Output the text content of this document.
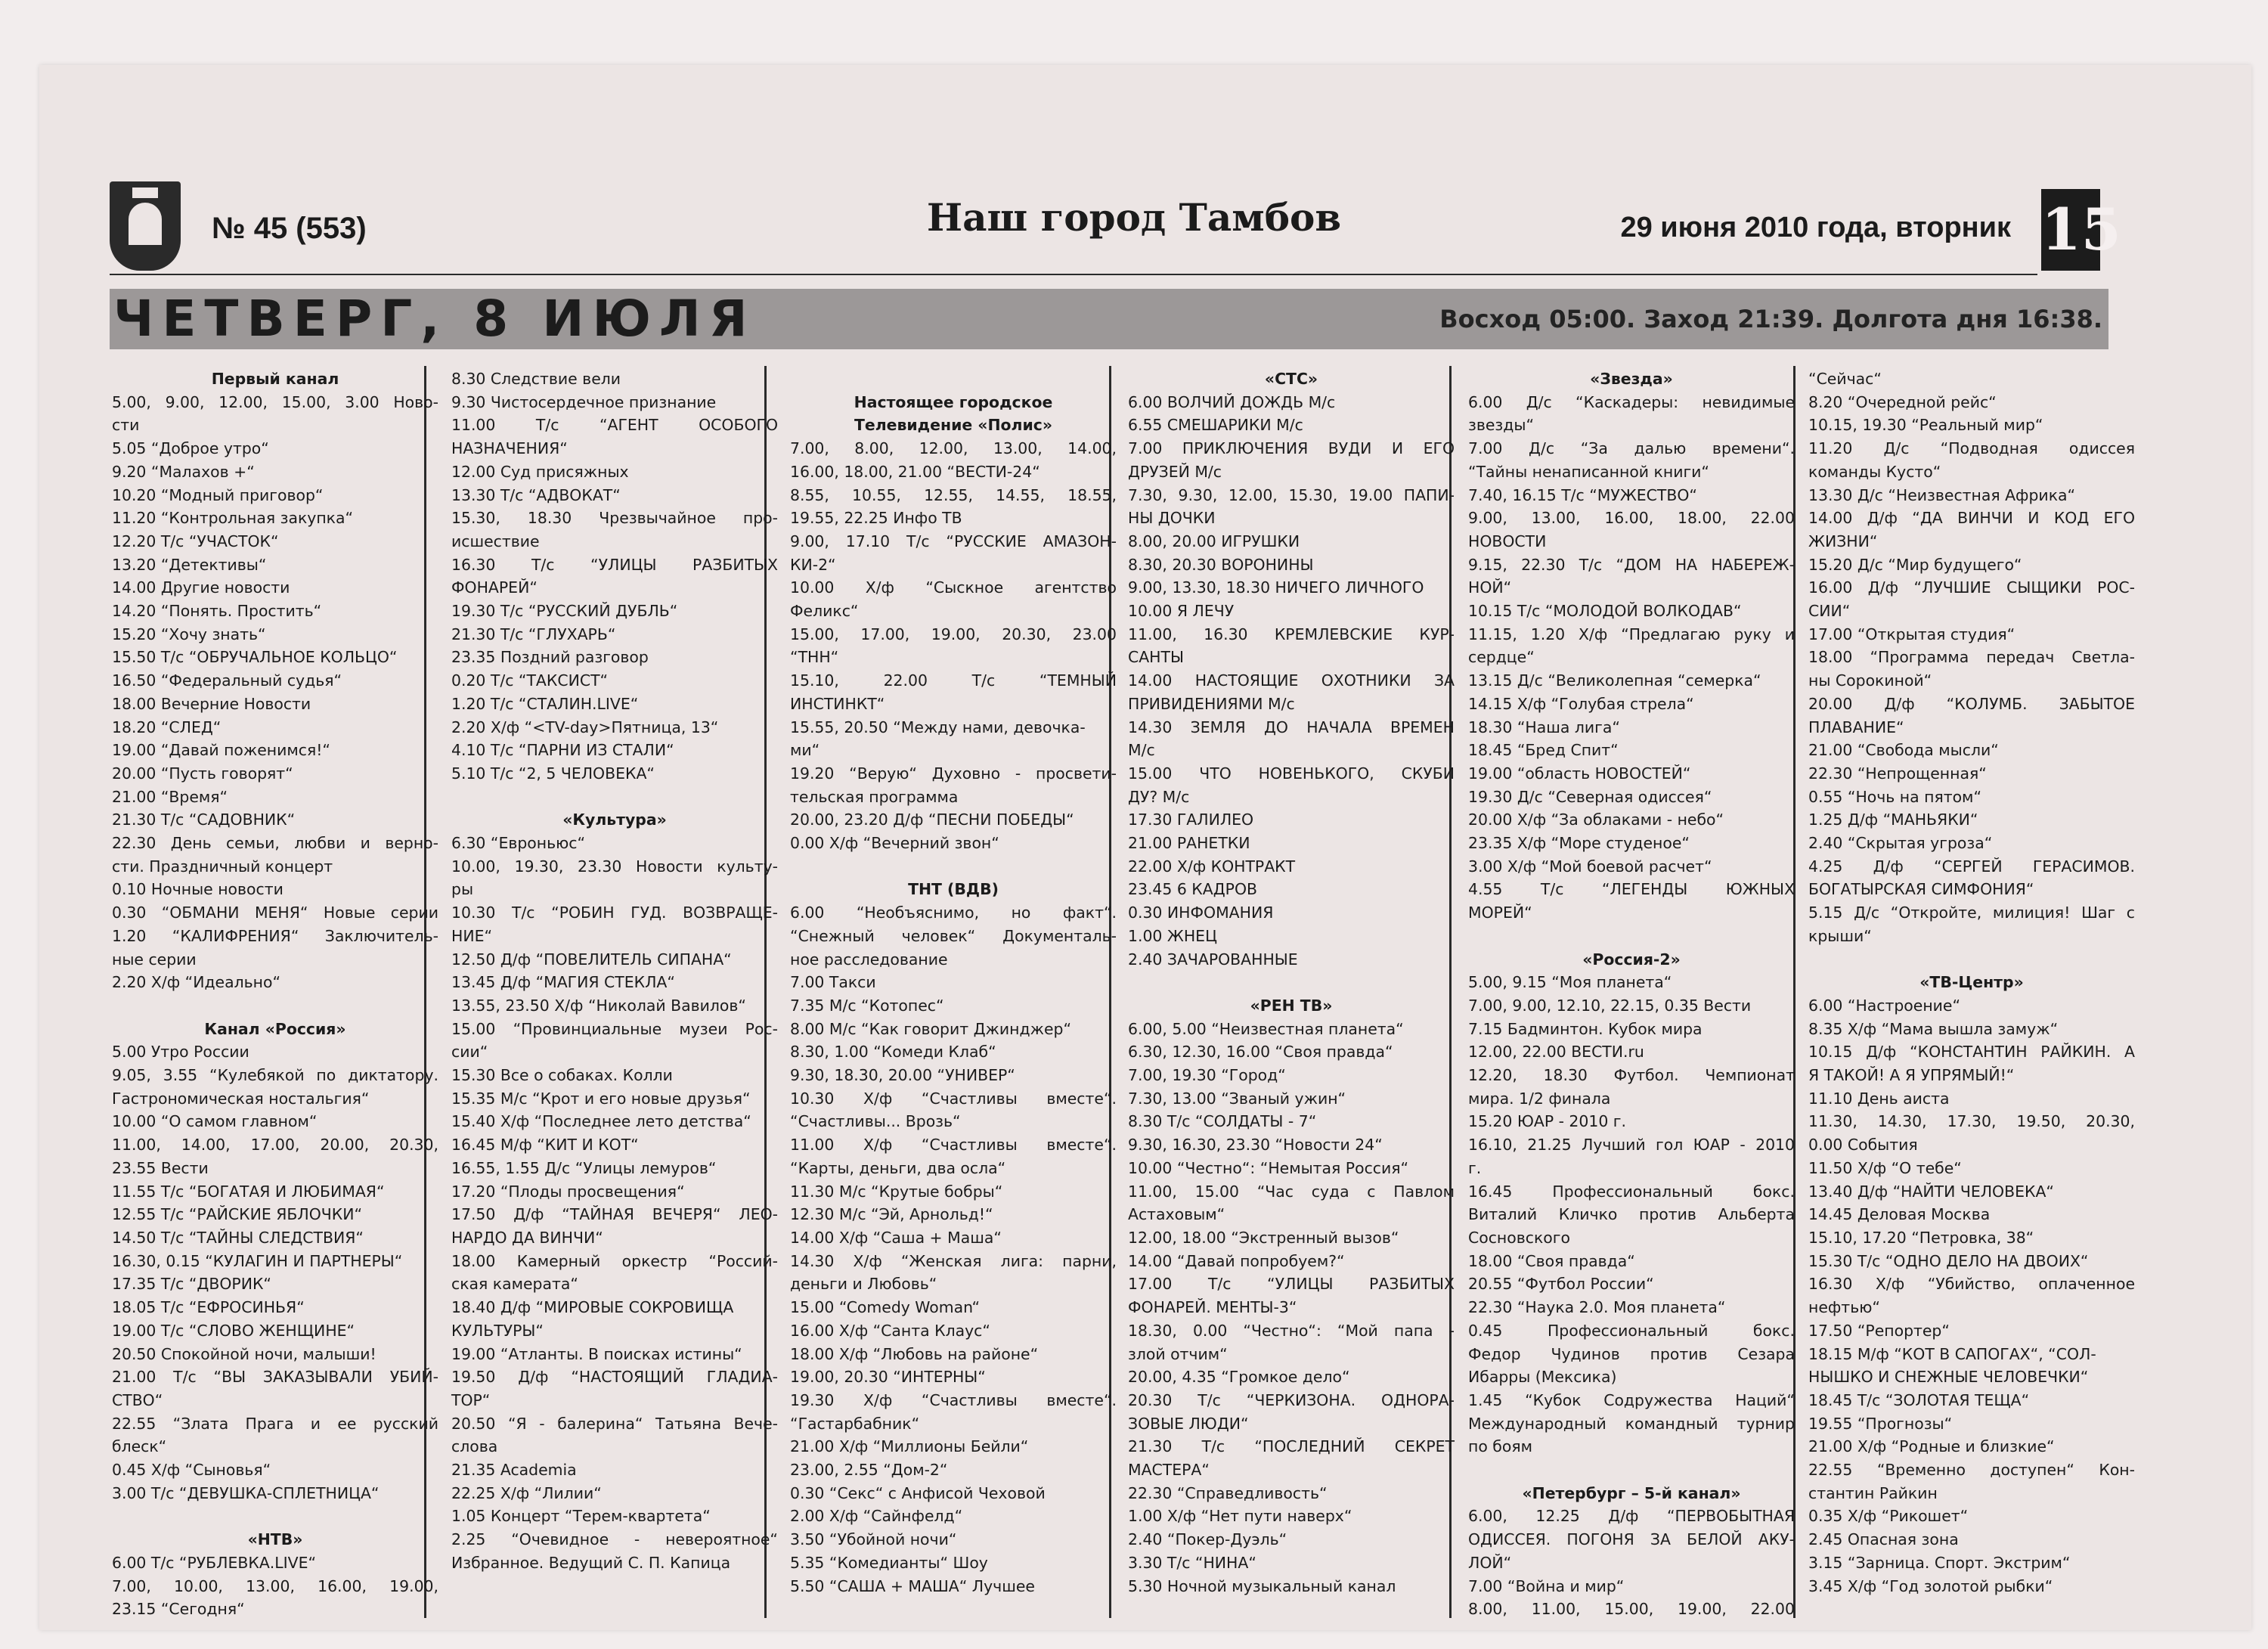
№ 45 (553)	Наш город Тамбов	29 июня 2010 года, вторник 15
Восход 05:00. Заход 21:39. Долгота дня 16:38.
ЧЕТВЕРГ, 8 ИЮЛЯ
Первый канал
5.00, 9.00, 12.00, 15.00, 3.00 Ново-
сти
5.05 “Доброе утро“
9.20 “Малахов +“
10.20 “Модный приговор“
11.20 “Контрольная закупка“
12.20 Т/с “УЧАСТОК“
13.20 “Детективы“
14.00 Другие новости
14.20 “Понять. Простить“
15.20 “Хочу знать“
15.50 Т/с “ОБРУЧАЛЬНОЕ КОЛЬЦО“
16.50 “Федеральный судья“
18.00 Вечерние Новости
18.20 “СЛЕД“
19.00 “Давай поженимся!“
20.00 “Пусть говорят“
21.00 “Время“
21.30 Т/с “САДОВНИК“
22.30 День семьи, любви и верно-
сти. Праздничный концерт
0.10 Ночные новости
0.30 “ОБМАНИ МЕНЯ“ Новые серии
1.20 “КАЛИФРЕНИЯ“ Заключитель-
ные серии
2.20 Х/ф “Идеально“
Канал «Россия»
5.00 Утро России
9.05, 3.55 “Кулебякой по диктатору.
Гастрономическая ностальгия“
10.00 “О самом главном“
11.00, 14.00, 17.00, 20.00, 20.30,
23.55 Вести
11.55 Т/с “БОГАТАЯ И ЛЮБИМАЯ“
12.55 Т/с “РАЙСКИЕ ЯБЛОЧКИ“
14.50 Т/с “ТАЙНЫ СЛЕДСТВИЯ“
16.30, 0.15 “КУЛАГИН И ПАРТНЕРЫ“
17.35 Т/с “ДВОРИК“
18.05 Т/с “ЕФРОСИНЬЯ“
19.00 Т/с “СЛОВО ЖЕНЩИНЕ“
20.50 Спокойной ночи, малыши!
21.00 Т/с “ВЫ ЗАКАЗЫВАЛИ УБИЙ-
СТВО“
22.55 “Злата Прага и ее русский
блеск“
0.45 Х/ф “Сыновья“
3.00 Т/с “ДЕВУШКА-СПЛЕТНИЦА“
«НТВ»
6.00 Т/с “РУБЛЕВКА.LIVE“
7.00, 10.00, 13.00, 16.00, 19.00,
23.15 “Сегодня“
8.30 Следствие вели
9.30 Чистосердечное признание
11.00 Т/с “АГЕНТ ОСОБОГО
НАЗНАЧЕНИЯ“
12.00 Суд присяжных
13.30 Т/с “АДВОКАТ“
15.30, 18.30 Чрезвычайное про-
исшествие
16.30 Т/с “УЛИЦЫ РАЗБИТЫХ
ФОНАРЕЙ“
19.30 Т/с “РУССКИЙ ДУБЛЬ“
21.30 Т/с “ГЛУХАРЬ“
23.35 Поздний разговор
0.20 Т/с “ТАКСИСТ“
1.20 Т/с “СТАЛИН.LIVE“
2.20 Х/ф “<TV-day>Пятница, 13“
4.10 Т/с “ПАРНИ ИЗ СТАЛИ“
5.10 Т/с “2, 5 ЧЕЛОВЕКА“
«Культура»
6.30 “Евроньюс“
10.00, 19.30, 23.30 Новости культу-
ры
10.30 Т/с “РОБИН ГУД. ВОЗВРАЩЕ-
НИЕ“
12.50 Д/ф “ПОВЕЛИТЕЛЬ СИПАНА“
13.45 Д/ф “МАГИЯ СТЕКЛА“
13.55, 23.50 Х/ф “Николай Вавилов“
15.00 “Провинциальные музеи Рос-
сии“
15.30 Все о собаках. Колли
15.35 М/с “Крот и его новые друзья“
15.40 Х/ф “Последнее лето детства“
16.45 М/ф “КИТ И КОТ“
16.55, 1.55 Д/с “Улицы лемуров“
17.20 “Плоды просвещения“
17.50 Д/ф “ТАЙНАЯ ВЕЧЕРЯ“ ЛЕО-
НАРДО ДА ВИНЧИ“
18.00 Камерный оркестр “Россий-
ская камерата“
18.40 Д/ф “МИРОВЫЕ СОКРОВИЩА
КУЛЬТУРЫ“
19.00 “Атланты. В поисках истины“
19.50 Д/ф “НАСТОЯЩИЙ ГЛАДИА-
ТОР“
20.50 “Я - балерина“ Татьяна Вече-
слова
21.35 Academia
22.25 Х/ф “Лилии“
1.05 Концерт “Терем-квартета“
2.25 “Очевидное - невероятное“
Избранное. Ведущий С. П. Капица
Настоящее городское
Телевидение «Полис»
7.00, 8.00, 12.00, 13.00, 14.00,
16.00, 18.00, 21.00 “ВЕСТИ-24“
8.55, 10.55, 12.55, 14.55, 18.55,
19.55, 22.25 Инфо ТВ
9.00, 17.10 Т/с “РУССКИЕ АМАЗОН-
КИ-2“
10.00 Х/ф “Сыскное агентство
Феликс“
15.00, 17.00, 19.00, 20.30, 23.00
“ТНН“
15.10, 22.00 Т/с “ТЕМНЫЙ
ИНСТИНКТ“
15.55, 20.50 “Между нами, девочка-
ми“
19.20 “Верую“ Духовно - просвети-
тельская программа
20.00, 23.20 Д/ф “ПЕСНИ ПОБЕДЫ“
0.00 Х/ф “Вечерний звон“
ТНТ (ВДВ)
6.00 “Необъяснимо, но факт“.
“Снежный человек“ Документаль-
ное расследование
7.00 Такси
7.35 М/с “Котопес“
8.00 М/с “Как говорит Джинджер“
8.30, 1.00 “Комеди Клаб“
9.30, 18.30, 20.00 “УНИВЕР“
10.30 Х/ф “Счастливы вместе“.
“Счастливы... Врозь“
11.00 Х/ф “Счастливы вместе“.
“Карты, деньги, два осла“
11.30 М/с “Крутые бобры“
12.30 М/с “Эй, Арнольд!“
14.00 Х/ф “Саша + Маша“
14.30 Х/ф “Женская лига: парни,
деньги и Любовь“
15.00 “Comedy Woman“
16.00 Х/ф “Санта Клаус“
18.00 Х/ф “Любовь на районе“
19.00, 20.30 “ИНТЕРНЫ“
19.30 Х/ф “Счастливы вместе“.
“Гастарбабник“
21.00 Х/ф “Миллионы Бейли“
23.00, 2.55 “Дом-2“
0.30 “Секс“ с Анфисой Чеховой
2.00 Х/ф “Сайнфелд“
3.50 “Убойной ночи“
5.35 “Комедианты“ Шоу
5.50 “САША + МАША“ Лучшее
«СТС»
6.00 ВОЛЧИЙ ДОЖДЬ М/с
6.55 СМЕШАРИКИ М/с
7.00 ПРИКЛЮЧЕНИЯ ВУДИ И ЕГО
ДРУЗЕЙ М/с
7.30, 9.30, 12.00, 15.30, 19.00 ПАПИ-
НЫ ДОЧКИ
8.00, 20.00 ИГРУШКИ
8.30, 20.30 ВОРОНИНЫ
9.00, 13.30, 18.30 НИЧЕГО ЛИЧНОГО
10.00 Я ЛЕЧУ
11.00, 16.30 КРЕМЛЕВСКИЕ КУР-
САНТЫ
14.00 НАСТОЯЩИЕ ОХОТНИКИ ЗА
ПРИВИДЕНИЯМИ М/с
14.30 ЗЕМЛЯ ДО НАЧАЛА ВРЕМЕН
М/с
15.00 ЧТО НОВЕНЬКОГО, СКУБИ
ДУ? М/с
17.30 ГАЛИЛЕО
21.00 РАНЕТКИ
22.00 Х/ф КОНТРАКТ
23.45 6 КАДРОВ
0.30 ИНФОМАНИЯ
1.00 ЖНЕЦ
2.40 ЗАЧАРОВАННЫЕ
«РЕН ТВ»
6.00, 5.00 “Неизвестная планета“
6.30, 12.30, 16.00 “Своя правда“
7.00, 19.30 “Город“
7.30, 13.00 “Званый ужин“
8.30 Т/с “СОЛДАТЫ - 7“
9.30, 16.30, 23.30 “Новости 24“
10.00 “Честно“: “Немытая Россия“
11.00, 15.00 “Час суда с Павлом
Астаховым“
12.00, 18.00 “Экстренный вызов“
14.00 “Давай попробуем?“
17.00 Т/с “УЛИЦЫ РАЗБИТЫХ
ФОНАРЕЙ. МЕНТЫ-3“
18.30, 0.00 “Честно“: “Мой папа -
злой отчим“
20.00, 4.35 “Громкое дело“
20.30 Т/с “ЧЕРКИЗОНА. ОДНОРА-
ЗОВЫЕ ЛЮДИ“
21.30 Т/с “ПОСЛЕДНИЙ СЕКРЕТ
МАСТЕРА“
22.30 “Справедливость“
1.00 Х/ф “Нет пути наверх“
2.40 “Покер-Дуэль“
3.30 Т/с “НИНА“
5.30 Ночной музыкальный канал
«Звезда»
6.00 Д/с “Каскадеры: невидимые
звезды“
7.00 Д/с “За далью времени“.
“Тайны ненаписанной книги“
7.40, 16.15 Т/с “МУЖЕСТВО“
9.00, 13.00, 16.00, 18.00, 22.00
НОВОСТИ
9.15, 22.30 Т/с “ДОМ НА НАБЕРЕЖ-
НОЙ“
10.15 Т/с “МОЛОДОЙ ВОЛКОДАВ“
11.15, 1.20 Х/ф “Предлагаю руку и
сердце“
13.15 Д/с “Великолепная “семерка“
14.15 Х/ф “Голубая стрела“
18.30 “Наша лига“
18.45 “Бред Спит“
19.00 “область НОВОСТЕЙ“
19.30 Д/с “Северная одиссея“
20.00 Х/ф “За облаками - небо“
23.35 Х/ф “Море студеное“
3.00 Х/ф “Мой боевой расчет“
4.55 Т/с “ЛЕГЕНДЫ ЮЖНЫХ
МОРЕЙ“
«Россия-2»
5.00, 9.15 “Моя планета“
7.00, 9.00, 12.10, 22.15, 0.35 Вести
7.15 Бадминтон. Кубок мира
12.00, 22.00 ВЕСТИ.ru
12.20, 18.30 Футбол. Чемпионат
мира. 1/2 финала
15.20 ЮАР - 2010 г.
16.10, 21.25 Лучший гол ЮАР - 2010
г.
16.45 Профессиональный бокс.
Виталий Кличко против Альберта
Сосновского
18.00 “Своя правда“
20.55 “Футбол России“
22.30 “Наука 2.0. Моя планета“
0.45 Профессиональный бокс.
Федор Чудинов против Сезара
Ибарры (Мексика)
1.45 “Кубок Содружества Наций“
Международный командный турнир
по боям
«Петербург – 5-й канал»
6.00, 12.25 Д/ф “ПЕРВОБЫТНАЯ
ОДИССЕЯ. ПОГОНЯ ЗА БЕЛОЙ АКУ-
ЛОЙ“
7.00 “Война и мир“
8.00, 11.00, 15.00, 19.00, 22.00
“Сейчас“
8.20 “Очередной рейс“
10.15, 19.30 “Реальный мир“
11.20 Д/с “Подводная одиссея
команды Кусто“
13.30 Д/с “Неизвестная Африка“
14.00 Д/ф “ДА ВИНЧИ И КОД ЕГО
ЖИЗНИ“
15.20 Д/с “Мир будущего“
16.00 Д/ф “ЛУЧШИЕ СЫЩИКИ РОС-
СИИ“
17.00 “Открытая студия“
18.00 “Программа передач Светла-
ны Сорокиной“
20.00 Д/ф “КОЛУМБ. ЗАБЫТОЕ
ПЛАВАНИЕ“
21.00 “Свобода мысли“
22.30 “Непрощенная“
0.55 “Ночь на пятом“
1.25 Д/ф “МАНЬЯКИ“
2.40 “Скрытая угроза“
4.25 Д/ф “СЕРГЕЙ ГЕРАСИМОВ.
БОГАТЫРСКАЯ СИМФОНИЯ“
5.15 Д/с “Откройте, милиция! Шаг с
крыши“
«ТВ-Центр»
6.00 “Настроение“
8.35 Х/ф “Мама вышла замуж“
10.15 Д/ф “КОНСТАНТИН РАЙКИН. А
Я ТАКОЙ! А Я УПРЯМЫЙ!“
11.10 День аиста
11.30, 14.30, 17.30, 19.50, 20.30,
0.00 События
11.50 Х/ф “О тебе“
13.40 Д/ф “НАЙТИ ЧЕЛОВЕКА“
14.45 Деловая Москва
15.10, 17.20 “Петровка, 38“
15.30 Т/с “ОДНО ДЕЛО НА ДВОИХ“
16.30 Х/ф “Убийство, оплаченное
нефтью“
17.50 “Репортер“
18.15 М/ф “КОТ В САПОГАХ“, “СОЛ-
НЫШКО И СНЕЖНЫЕ ЧЕЛОВЕЧКИ“
18.45 Т/с “ЗОЛОТАЯ ТЕЩА“
19.55 “Прогнозы“
21.00 Х/ф “Родные и близкие“
22.55 “Временно доступен“ Кон-
стантин Райкин
0.35 Х/ф “Рикошет“
2.45 Опасная зона
3.15 “Зарница. Спорт. Экстрим“
3.45 Х/ф “Год золотой рыбки“
